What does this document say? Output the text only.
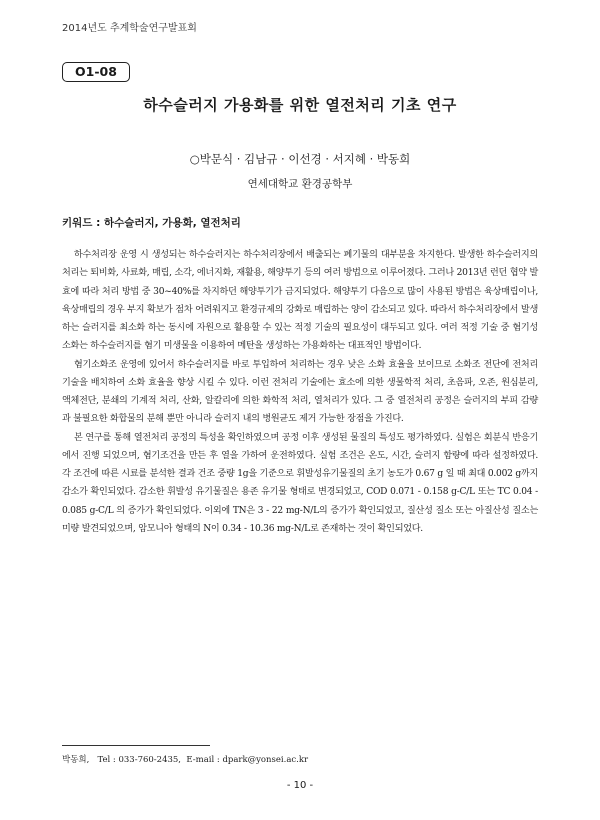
2014년도 추계학술연구발표회
O1-08
하수슬러지 가용화를 위한 열전처리 기초 연구
○박문식 · 김남규 · 이선경 · 서지혜 · 박동희
연세대학교 환경공학부
키워드 : 하수슬러지, 가용화, 열전처리

하수처리장 운영 시 생성되는 하수슬러지는 하수처리장에서 배출되는 폐기물의 대부분을 차지한다. 발생한 하수슬러지의 처리는 퇴비화, 사료화, 매립, 소각, 에너지화, 재활용, 해양투기 등의 여러 방법으로 이루어졌다. 그러나 2013년 런던 협약 발효에 따라 처리 방법 중 30~40%를 차지하던 해양투기가 금지되었다. 해양투기 다음으로 많이 사용된 방법은 육상매립이나, 육상매립의 경우 부지 확보가 점차 어려워지고 환경규제의 강화로 매립하는 양이 감소되고 있다. 따라서 하수처리장에서 발생하는 슬러지를 최소화 하는 동시에 자원으로 활용할 수 있는 적정 기술의 필요성이 대두되고 있다. 여러 적정 기술 중 혐기성소화는 하수슬러지를 혐기 미생물을 이용하여 메탄을 생성하는 가용화하는 대표적인 방법이다.

혐기소화조 운영에 있어서 하수슬러지를 바로 투입하여 처리하는 경우 낮은 소화 효율을 보이므로 소화조 전단에 전처리 기술을 배치하여 소화 효율을 향상 시킬 수 있다. 이런 전처리 기술에는 효소에 의한 생물학적 처리, 초음파, 오존, 원심분리, 액체전단, 분쇄의 기계적 처리, 산화, 알칼리에 의한 화학적 처리, 열처리가 있다. 그 중 열전처리 공정은 슬러지의 부피 감량과 불필요한 화합물의 분해 뿐만 아니라 슬러지 내의 병원균도 제거 가능한 장점을 가진다.

본 연구를 통해 열전처리 공정의 특성을 확인하였으며 공정 이후 생성된 물질의 특성도 평가하였다. 실험은 회분식 반응기에서 진행 되었으며, 혐기조건을 만든 후 열을 가하여 운전하였다. 실험 조건은 온도, 시간, 슬러지 함량에 따라 설정하였다. 각 조건에 따른 시료를 분석한 결과 건조 중량 1g을 기준으로 휘발성유기물질의 초기 농도가 0.67 g 일 때 최대 0.002 g까지 감소가 확인되었다. 감소한 휘발성 유기물질은 용존 유기물 형태로 변경되었고, COD 0.071 - 0.158 g-C/L 또는 TC 0.04 - 0.085 g-C/L 의 증가가 확인되었다. 이외에 TN은 3 - 22 mg-N/L의 증가가 확인되었고, 질산성 질소 또는 아질산성 질소는 미량 발견되었으며, 암모니아 형태의 N이 0.34 - 10.36 mg-N/L로 존재하는 것이 확인되었다.

박동희,   Tel : 033-760-2435,  E-mail : dpark@yonsei.ac.kr
- 10 -
